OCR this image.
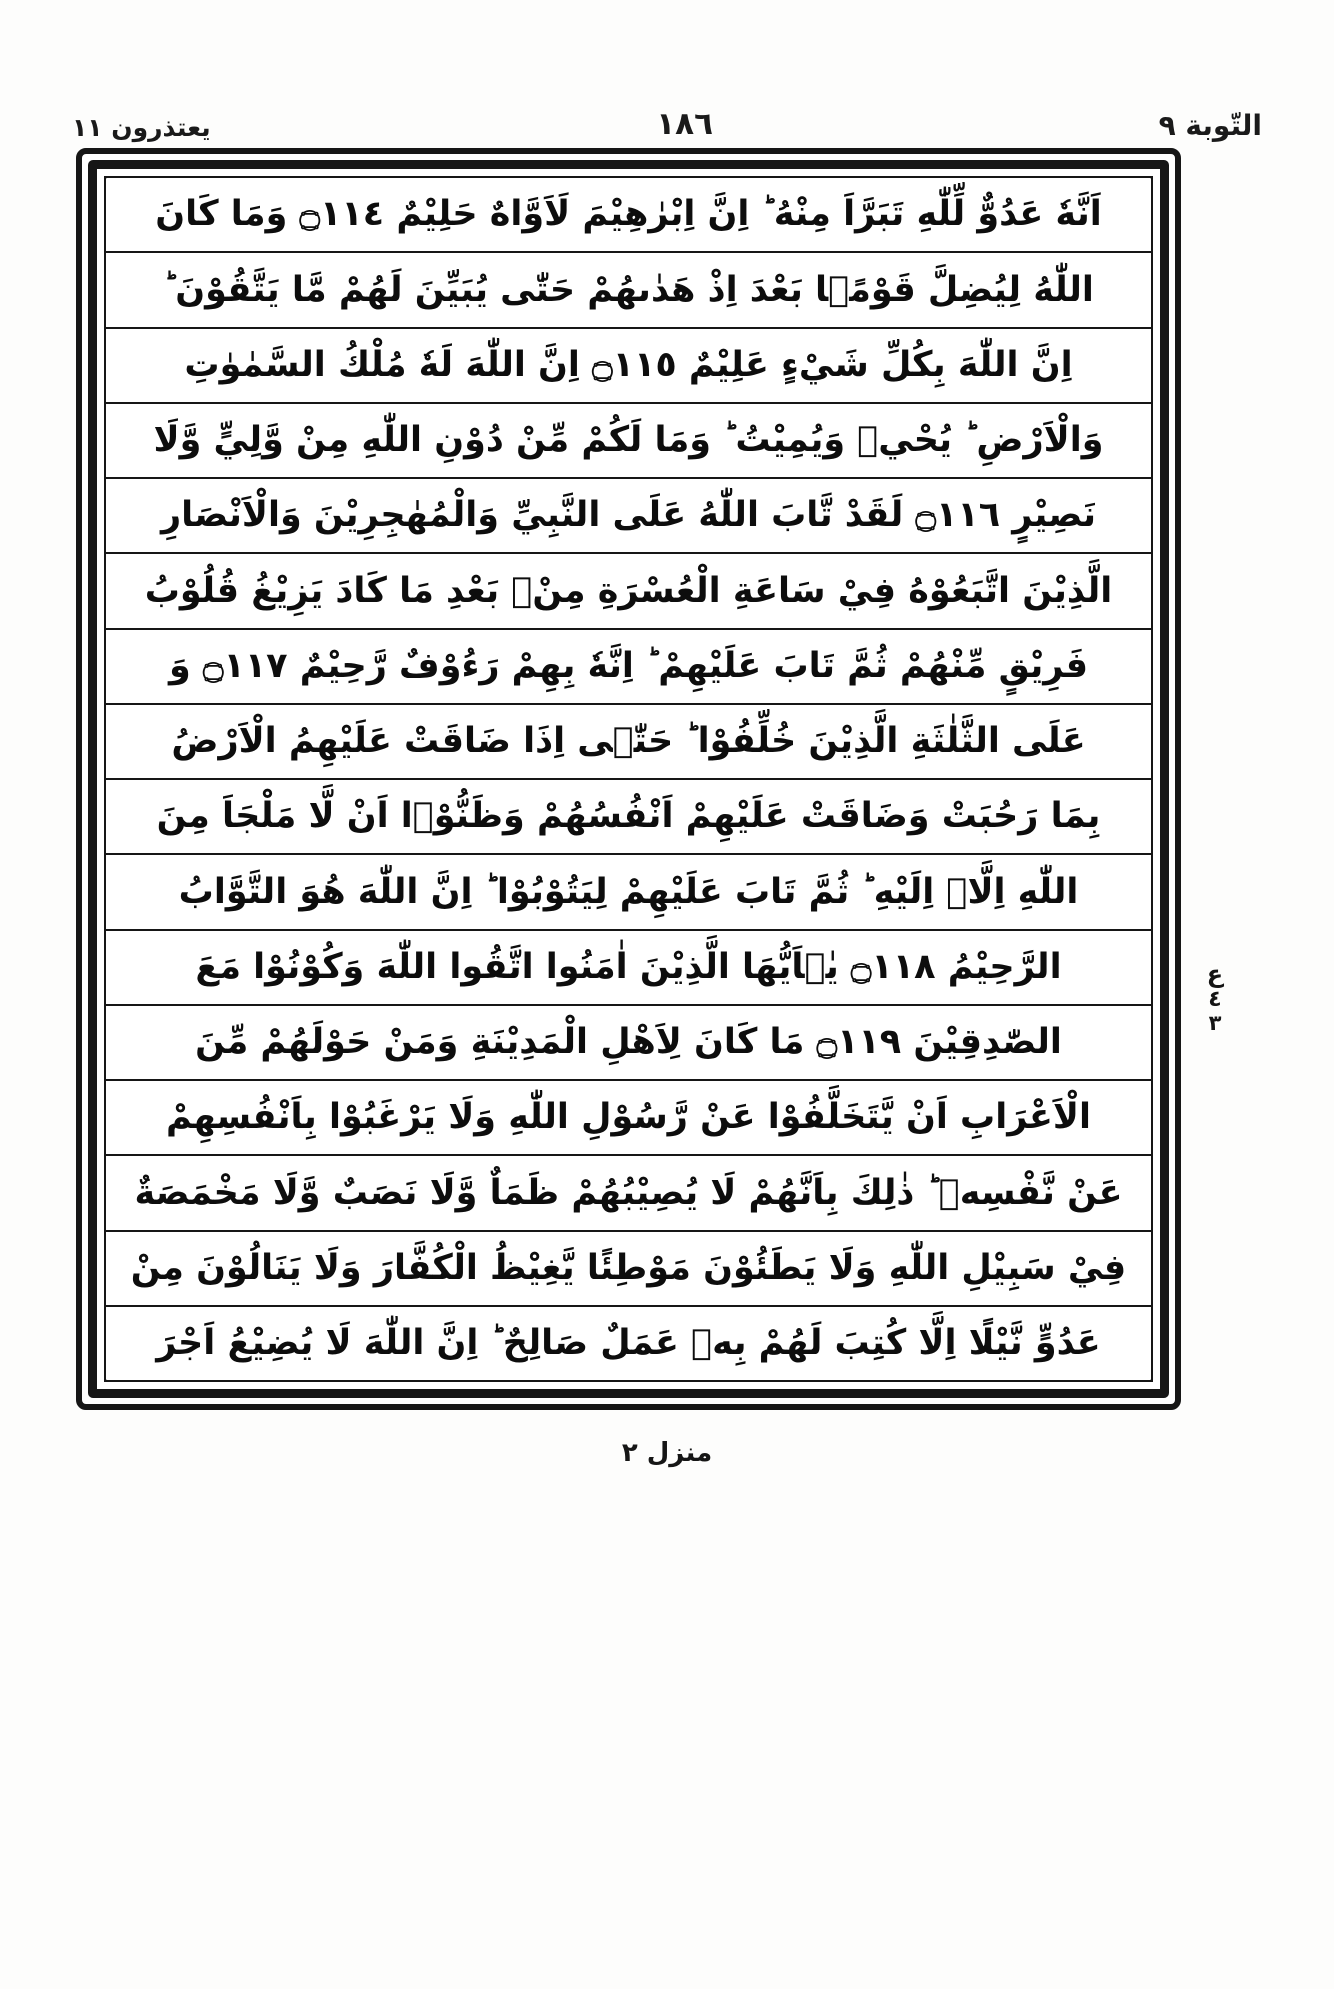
التّوبة ٩
١٨٦
يعتذرون ١١
اَنَّهٗ عَدُوٌّ لِّلّٰهِ تَبَرَّاَ مِنْهُ ؕ اِنَّ اِبْرٰهِيْمَ لَاَوَّاهٌ حَلِيْمٌ ۝١١٤ وَمَا كَانَ
اللّٰهُ لِيُضِلَّ قَوْمًۢا بَعْدَ اِذْ هَدٰىهُمْ حَتّٰى يُبَيِّنَ لَهُمْ مَّا يَتَّقُوْنَ ؕ
اِنَّ اللّٰهَ بِكُلِّ شَيْءٍ عَلِيْمٌ ۝١١٥ اِنَّ اللّٰهَ لَهٗ مُلْكُ السَّمٰوٰتِ
وَالْاَرْضِ ؕ يُحْيٖ وَيُمِيْتُ ؕ وَمَا لَكُمْ مِّنْ دُوْنِ اللّٰهِ مِنْ وَّلِيٍّ وَّلَا
نَصِيْرٍ ۝١١٦ لَقَدْ تَّابَ اللّٰهُ عَلَى النَّبِيِّ وَالْمُهٰجِرِيْنَ وَالْاَنْصَارِ
الَّذِيْنَ اتَّبَعُوْهُ فِيْ سَاعَةِ الْعُسْرَةِ مِنْۢ بَعْدِ مَا كَادَ يَزِيْغُ قُلُوْبُ
فَرِيْقٍ مِّنْهُمْ ثُمَّ تَابَ عَلَيْهِمْ ؕ اِنَّهٗ بِهِمْ رَءُوْفٌ رَّحِيْمٌ ۝١١٧ وَ
عَلَى الثَّلٰثَةِ الَّذِيْنَ خُلِّفُوْا ؕ حَتّٰۤى اِذَا ضَاقَتْ عَلَيْهِمُ الْاَرْضُ
بِمَا رَحُبَتْ وَضَاقَتْ عَلَيْهِمْ اَنْفُسُهُمْ وَظَنُّوْۤا اَنْ لَّا مَلْجَاَ مِنَ
اللّٰهِ اِلَّاۤ اِلَيْهِ ؕ ثُمَّ تَابَ عَلَيْهِمْ لِيَتُوْبُوْا ؕ اِنَّ اللّٰهَ هُوَ التَّوَّابُ
الرَّحِيْمُ ۝١١٨ يٰۤاَيُّهَا الَّذِيْنَ اٰمَنُوا اتَّقُوا اللّٰهَ وَكُوْنُوْا مَعَ
الصّٰدِقِيْنَ ۝١١٩ مَا كَانَ لِاَهْلِ الْمَدِيْنَةِ وَمَنْ حَوْلَهُمْ مِّنَ
الْاَعْرَابِ اَنْ يَّتَخَلَّفُوْا عَنْ رَّسُوْلِ اللّٰهِ وَلَا يَرْغَبُوْا بِاَنْفُسِهِمْ
عَنْ نَّفْسِهٖ ؕ ذٰلِكَ بِاَنَّهُمْ لَا يُصِيْبُهُمْ ظَمَاٌ وَّلَا نَصَبٌ وَّلَا مَخْمَصَةٌ
فِيْ سَبِيْلِ اللّٰهِ وَلَا يَطَئُوْنَ مَوْطِئًا يَّغِيْظُ الْكُفَّارَ وَلَا يَنَالُوْنَ مِنْ
عَدُوٍّ نَّيْلًا اِلَّا كُتِبَ لَهُمْ بِهٖ عَمَلٌ صَالِحٌ ؕ اِنَّ اللّٰهَ لَا يُضِيْعُ اَجْرَ
ع
٤
٣
منزل ٢
